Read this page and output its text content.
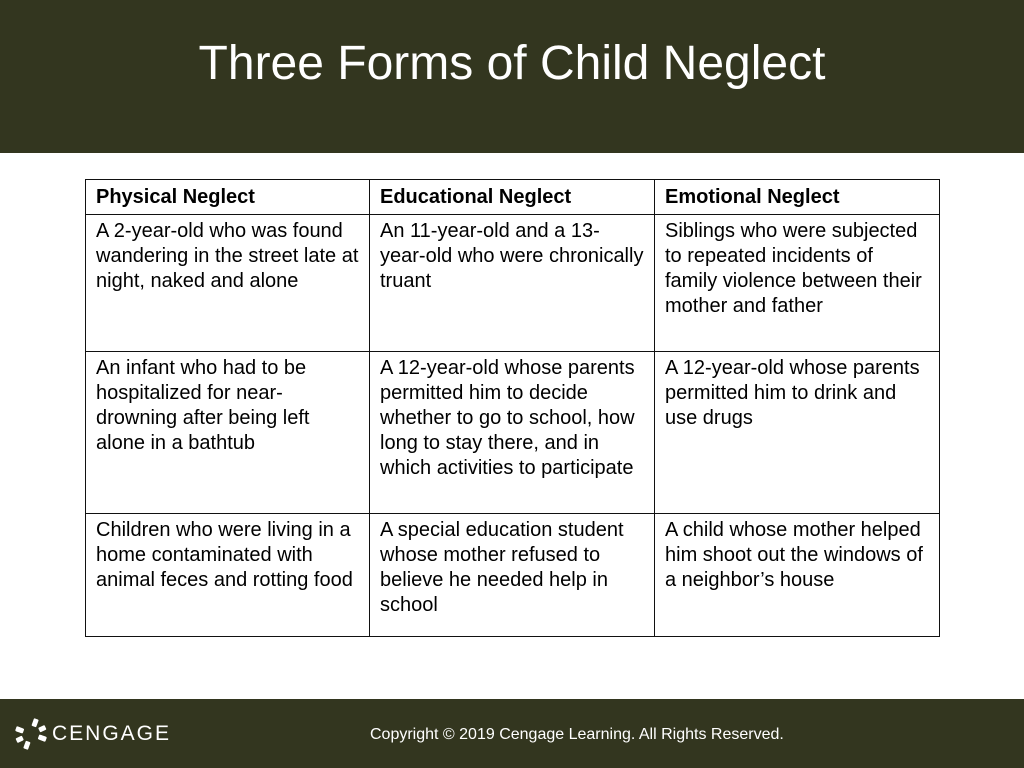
Three Forms of Child Neglect
Physical Neglect	Educational Neglect	Emotional Neglect
A 2-year-old who was found wandering in the street late at night, naked and alone	An 11-year-old and a 13-year-old who were chronically truant	Siblings who were subjected to repeated incidents of family violence between their mother and father
An infant who had to be hospitalized for near-drowning after being left alone in a bathtub	A 12-year-old whose parents permitted him to decide whether to go to school, how long to stay there, and in which activities to participate	A 12-year-old whose parents permitted him to drink and use drugs
Children who were living in a home contaminated with animal feces and rotting food	A special education student whose mother refused to believe he needed help in school	A child whose mother helped him shoot out the windows of a neighbor’s house
CENGAGE	Copyright © 2019 Cengage Learning. All Rights Reserved.
